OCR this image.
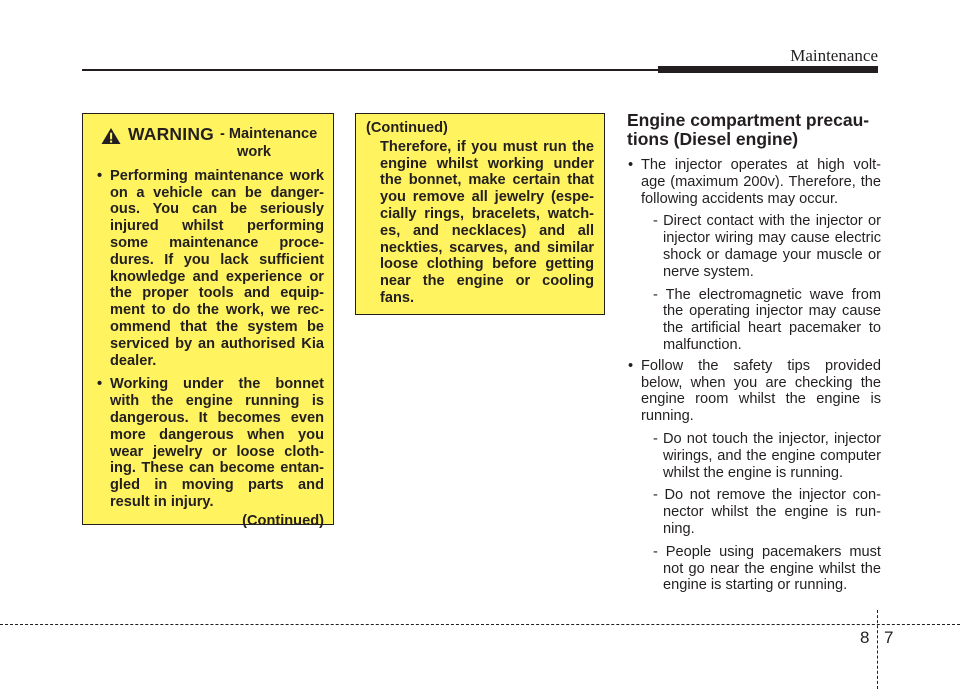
Maintenance
WARNING - Maintenance
work
• Performing maintenance work on a vehicle can be danger-ous. You can be seriously injured whilst performing some maintenance proce-dures. If you lack sufficient knowledge and experience or the proper tools and equip-ment to do the work, we rec-ommend that the system be serviced by an authorised Kia dealer.
• Working under the bonnet with the engine running is dangerous. It becomes even more dangerous when you wear jewelry or loose cloth-ing. These can become entan-gled in moving parts and result in injury.
(Continued)
(Continued)
Therefore, if you must run the engine whilst working under the bonnet, make certain that you remove all jewelry (espe-cially rings, bracelets, watch-es, and necklaces) and all neckties, scarves, and similar loose clothing before getting near the engine or cooling fans.
Engine compartment precau-tions (Diesel engine)
• The injector operates at high volt-age (maximum 200v). Therefore, the following accidents may occur.
- Direct contact with the injector or injector wiring may cause electric shock or damage your muscle or nerve system.
- The electromagnetic wave from the operating injector may cause the artificial heart pacemaker to malfunction.
• Follow the safety tips provided below, when you are checking the engine room whilst the engine is running.
- Do not touch the injector, injector wirings, and the engine computer whilst the engine is running.
- Do not remove the injector con-nector whilst the engine is run-ning.
- People using pacemakers must not go near the engine whilst the engine is starting or running.
8 7
